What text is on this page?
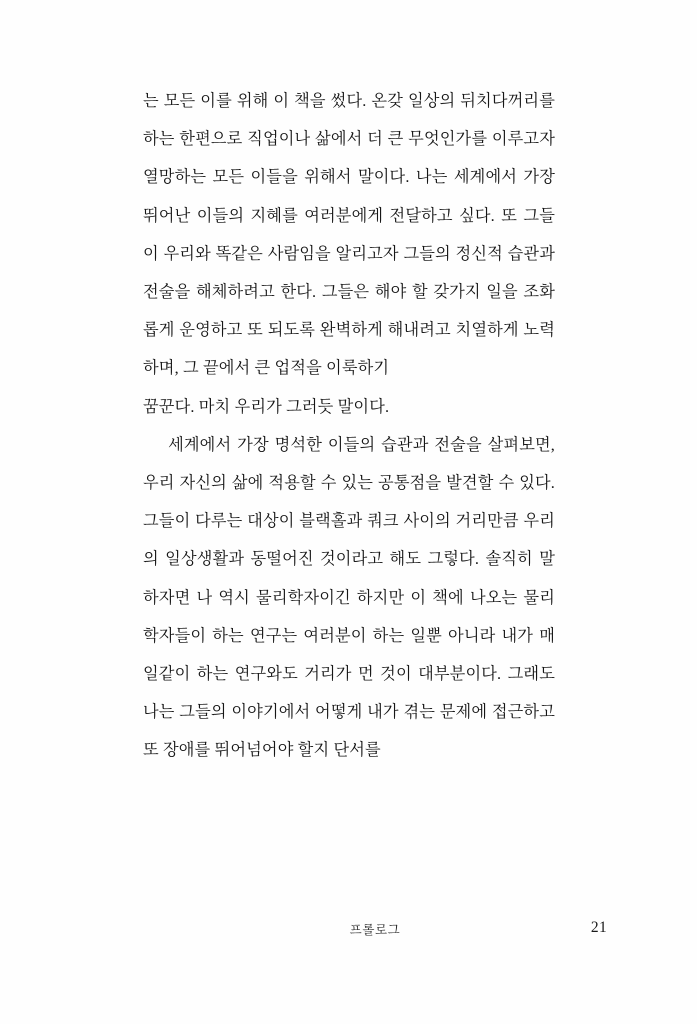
는 모든 이를 위해 이 책을 썼다. 온갖 일상의 뒤치다꺼리를 하는 한편으로 직업이나 삶에서 더 큰 무엇인가를 이루고자 열망하는 모든 이들을 위해서 말이다. 나는 세계에서 가장 뛰어난 이들의 지혜를 여러분에게 전달하고 싶다. 또 그들이 우리와 똑같은 사람임을 알리고자 그들의 정신적 습관과 전술을 해체하려고 한다. 그들은 해야 할 갖가지 일을 조화롭게 운영하고 또 되도록 완벽하게 해내려고 치열하게 노력하며, 그 끝에서 큰 업적을 이룩하기
꿈꾼다. 마치 우리가 그러듯 말이다.

세계에서 가장 명석한 이들의 습관과 전술을 살펴보면, 우리 자신의 삶에 적용할 수 있는 공통점을 발견할 수 있다. 그들이 다루는 대상이 블랙홀과 쿼크 사이의 거리만큼 우리의 일상생활과 동떨어진 것이라고 해도 그렇다. 솔직히 말하자면 나 역시 물리학자이긴 하지만 이 책에 나오는 물리학자들이 하는 연구는 여러분이 하는 일뿐 아니라 내가 매일같이 하는 연구와도 거리가 먼 것이 대부분이다. 그래도 나는 그들의 이야기에서 어떻게 내가 겪는 문제에 접근하고 또 장애를 뛰어넘어야 할지 단서를

프롤로그	21
